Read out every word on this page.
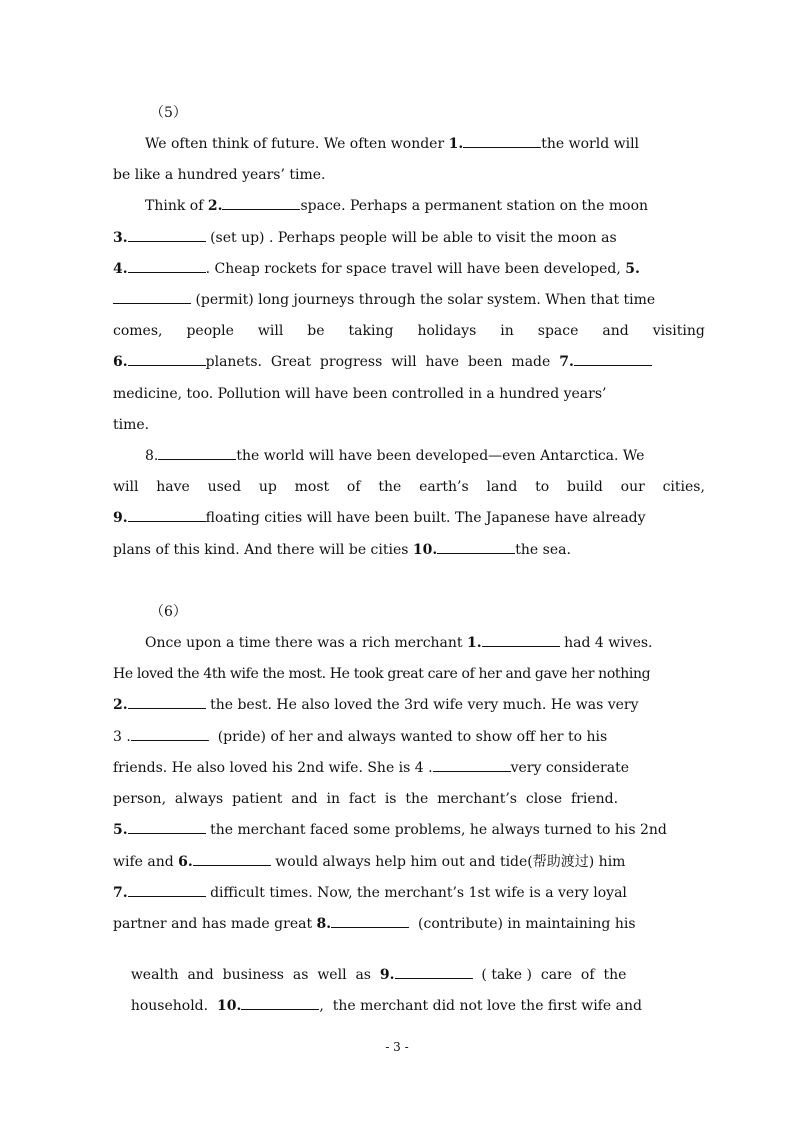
（5）
We often think of future. We often wonder 1.	the world will
be like a hundred years’ time.
Think of 2.	space. Perhaps a permanent station on the moon
3.	(set up) . Perhaps people will be able to visit the moon as
4.	. Cheap rockets for space travel will have been developed, 5.
(permit) long journeys through the solar system. When that time
comes, people will be taking holidays in space and visiting
6.	planets.  Great  progress  will  have  been  made  7.
medicine, too. Pollution will have been controlled in a hundred years’
time.
8.	the world will have been developed—even Antarctica. We
will have used up most of the earth’s land to build our cities,
9.	floating cities will have been built. The Japanese have already
plans of this kind. And there will be cities 10.	the sea.
（6）
Once upon a time there was a rich merchant 1.	had 4 wives.
He loved the 4th wife the most. He took great care of her and gave her nothing
2.	the best. He also loved the 3rd wife very much. He was very
3 .	(pride) of her and always wanted to show off her to his
friends. He also loved his 2nd wife. She is 4 .	very considerate
person,  always  patient  and  in  fact  is  the  merchant’s  close  friend.
5.	the merchant faced some problems, he always turned to his 2nd
wife and 6.	would always help him out and tide(帮助渡过) him
7.	difficult times. Now, the merchant’s 1st wife is a very loyal
partner and has made great 8.	(contribute) in maintaining his

wealth  and  business  as  well  as  9.	( take )  care  of  the

household.  10.	,  the merchant did not love the first wife and

- 3 -
